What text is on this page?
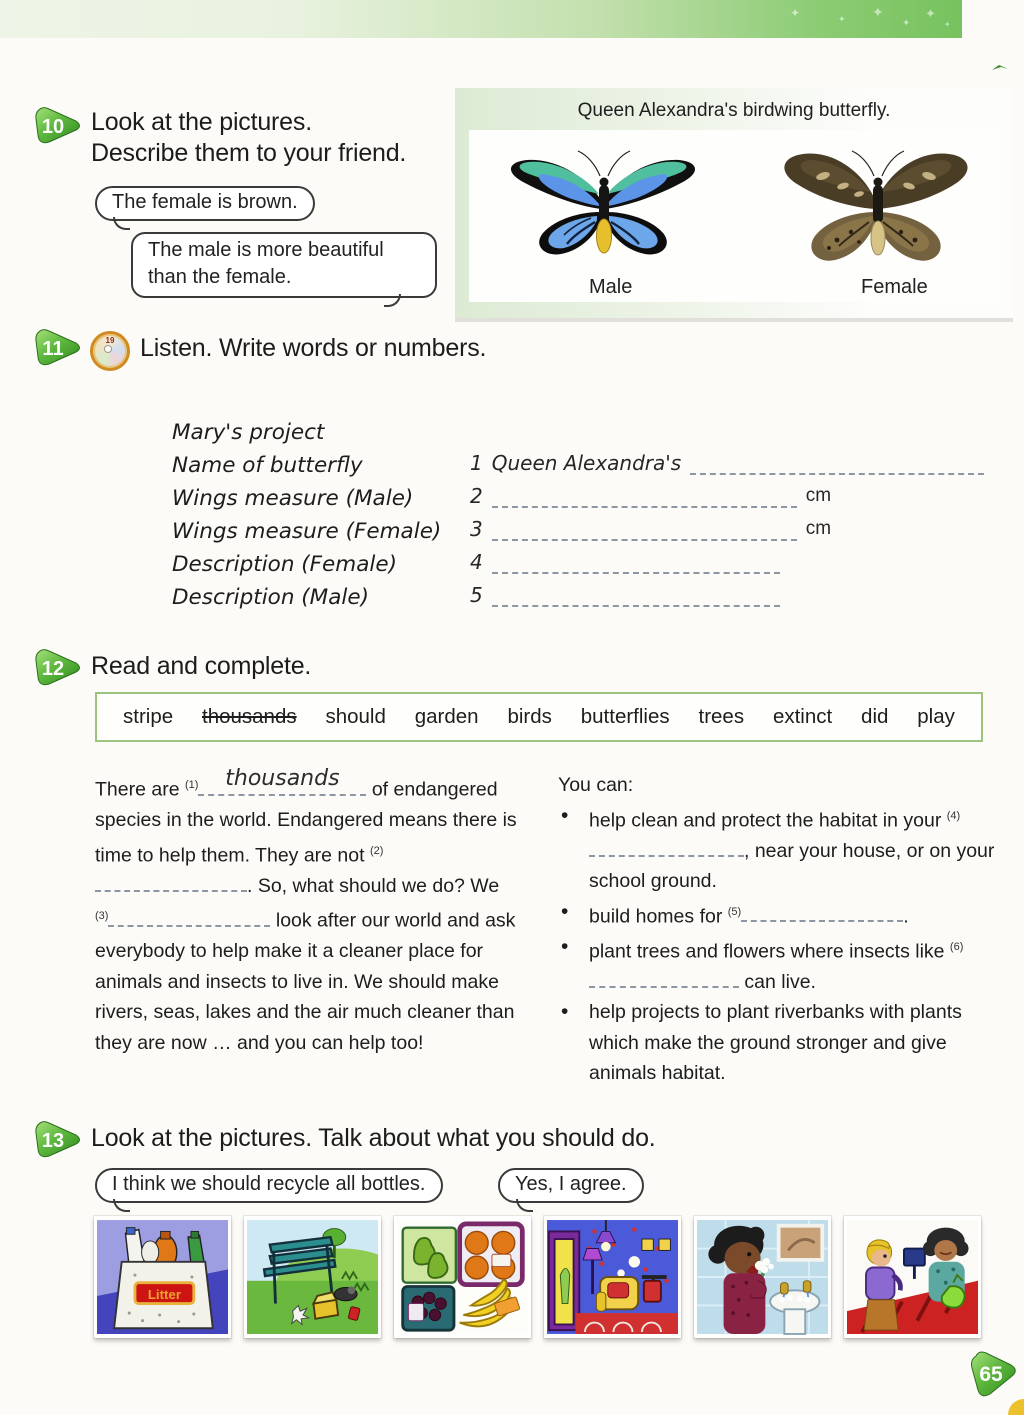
✦	✦ ✦
✦
✦
✦
10 Look at the pictures.
Describe them to your friend.
The female is brown.
The male is more beautiful than the female.
Queen Alexandra's birdwing butterfly.
Male	Female
11	19	Listen. Write words or numbers.
Mary's project
Name of butterfly	1 Queen Alexandra's
Wings measure (Male)	2	cm
Wings measure (Female)	3	cm
Description (Female)	4
Description (Male)	5
12 Read and complete.
stripe thousands should garden birds butterflies trees extinct did play
There are $^{(1)}$	thousands	of endangered species in the world. Endangered means there is time to help them. They are not $^{(2)}$. So, what should we do? We $^{(3)}$	look after our world and ask everybody to help make it a cleaner place for animals and insects to live in. We should make rivers, seas, lakes and the air much cleaner than they are now … and you can help too!
You can:
• help clean and protect the habitat in your $^{(4)}$, near your house, or on your school ground.
• build homes for $^{(5)}$	.
• plant trees and flowers where insects like $^{(6)}$ can live.
• help projects to plant riverbanks with plants which make the ground stronger and give animals habitat.
13 Look at the pictures. Talk about what you should do.
I think we should recycle all bottles.	Yes, I agree.
Litter
65
